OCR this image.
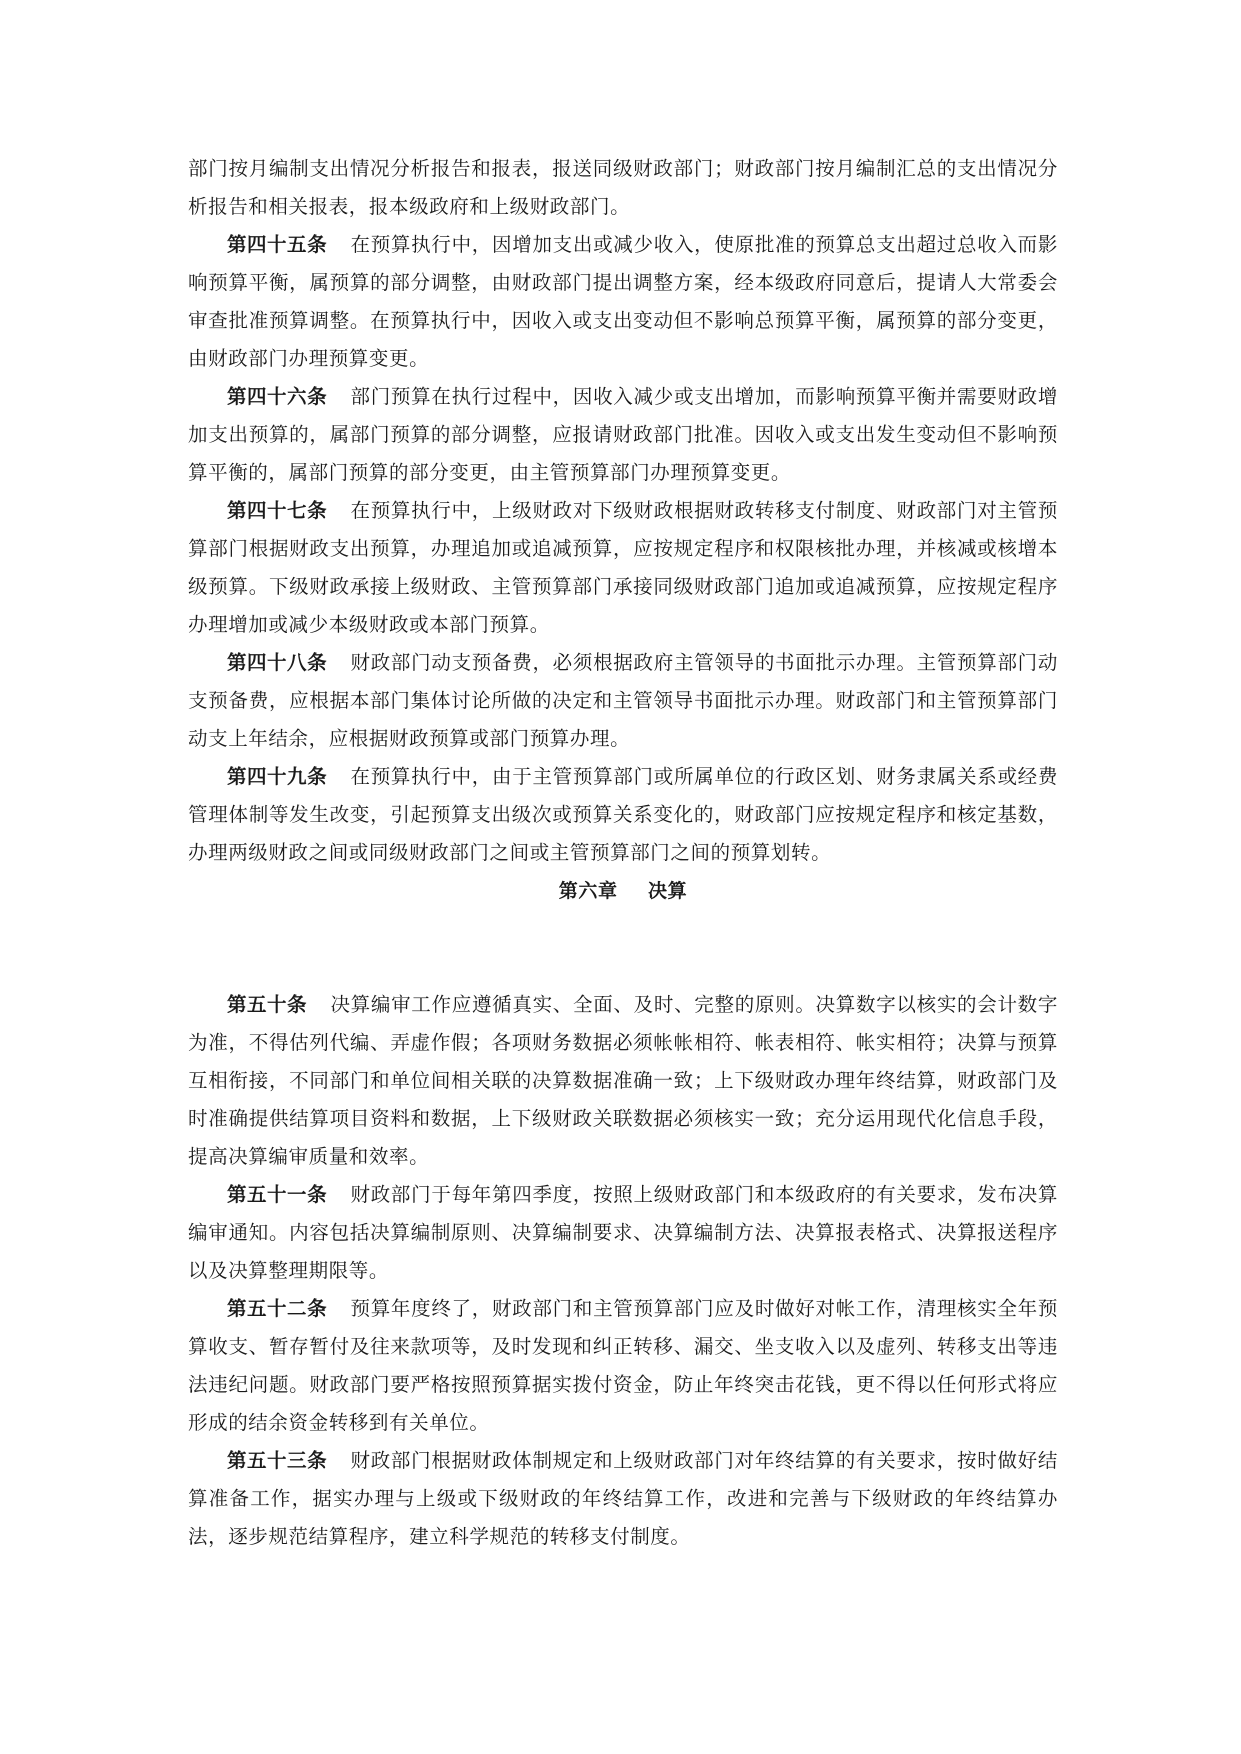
部门按月编制支出情况分析报告和报表，报送同级财政部门；财政部门按月编制汇总的支出情况分析报告和相关报表，报本级政府和上级财政部门。

第四十五条 在预算执行中，因增加支出或减少收入，使原批准的预算总支出超过总收入而影响预算平衡，属预算的部分调整，由财政部门提出调整方案，经本级政府同意后，提请人大常委会审查批准预算调整。在预算执行中，因收入或支出变动但不影响总预算平衡，属预算的部分变更，由财政部门办理预算变更。

第四十六条 部门预算在执行过程中，因收入减少或支出增加，而影响预算平衡并需要财政增加支出预算的，属部门预算的部分调整，应报请财政部门批准。因收入或支出发生变动但不影响预算平衡的，属部门预算的部分变更，由主管预算部门办理预算变更。

第四十七条 在预算执行中，上级财政对下级财政根据财政转移支付制度、财政部门对主管预算部门根据财政支出预算，办理追加或追减预算，应按规定程序和权限核批办理，并核减或核增本级预算。下级财政承接上级财政、主管预算部门承接同级财政部门追加或追减预算，应按规定程序办理增加或减少本级财政或本部门预算。

第四十八条 财政部门动支预备费，必须根据政府主管领导的书面批示办理。主管预算部门动支预备费，应根据本部门集体讨论所做的决定和主管领导书面批示办理。财政部门和主管预算部门动支上年结余，应根据财政预算或部门预算办理。

第四十九条 在预算执行中，由于主管预算部门或所属单位的行政区划、财务隶属关系或经费管理体制等发生改变，引起预算支出级次或预算关系变化的，财政部门应按规定程序和核定基数，办理两级财政之间或同级财政部门之间或主管预算部门之间的预算划转。

第六章 决算

第五十条 决算编审工作应遵循真实、全面、及时、完整的原则。决算数字以核实的会计数字为准，不得估列代编、弄虚作假；各项财务数据必须帐帐相符、帐表相符、帐实相符；决算与预算互相衔接，不同部门和单位间相关联的决算数据准确一致；上下级财政办理年终结算，财政部门及时准确提供结算项目资料和数据，上下级财政关联数据必须核实一致；充分运用现代化信息手段，提高决算编审质量和效率。

第五十一条 财政部门于每年第四季度，按照上级财政部门和本级政府的有关要求，发布决算编审通知。内容包括决算编制原则、决算编制要求、决算编制方法、决算报表格式、决算报送程序以及决算整理期限等。

第五十二条 预算年度终了，财政部门和主管预算部门应及时做好对帐工作，清理核实全年预算收支、暂存暂付及往来款项等，及时发现和纠正转移、漏交、坐支收入以及虚列、转移支出等违法违纪问题。财政部门要严格按照预算据实拨付资金，防止年终突击花钱，更不得以任何形式将应形成的结余资金转移到有关单位。

第五十三条 财政部门根据财政体制规定和上级财政部门对年终结算的有关要求，按时做好结算准备工作，据实办理与上级或下级财政的年终结算工作，改进和完善与下级财政的年终结算办法，逐步规范结算程序，建立科学规范的转移支付制度。
